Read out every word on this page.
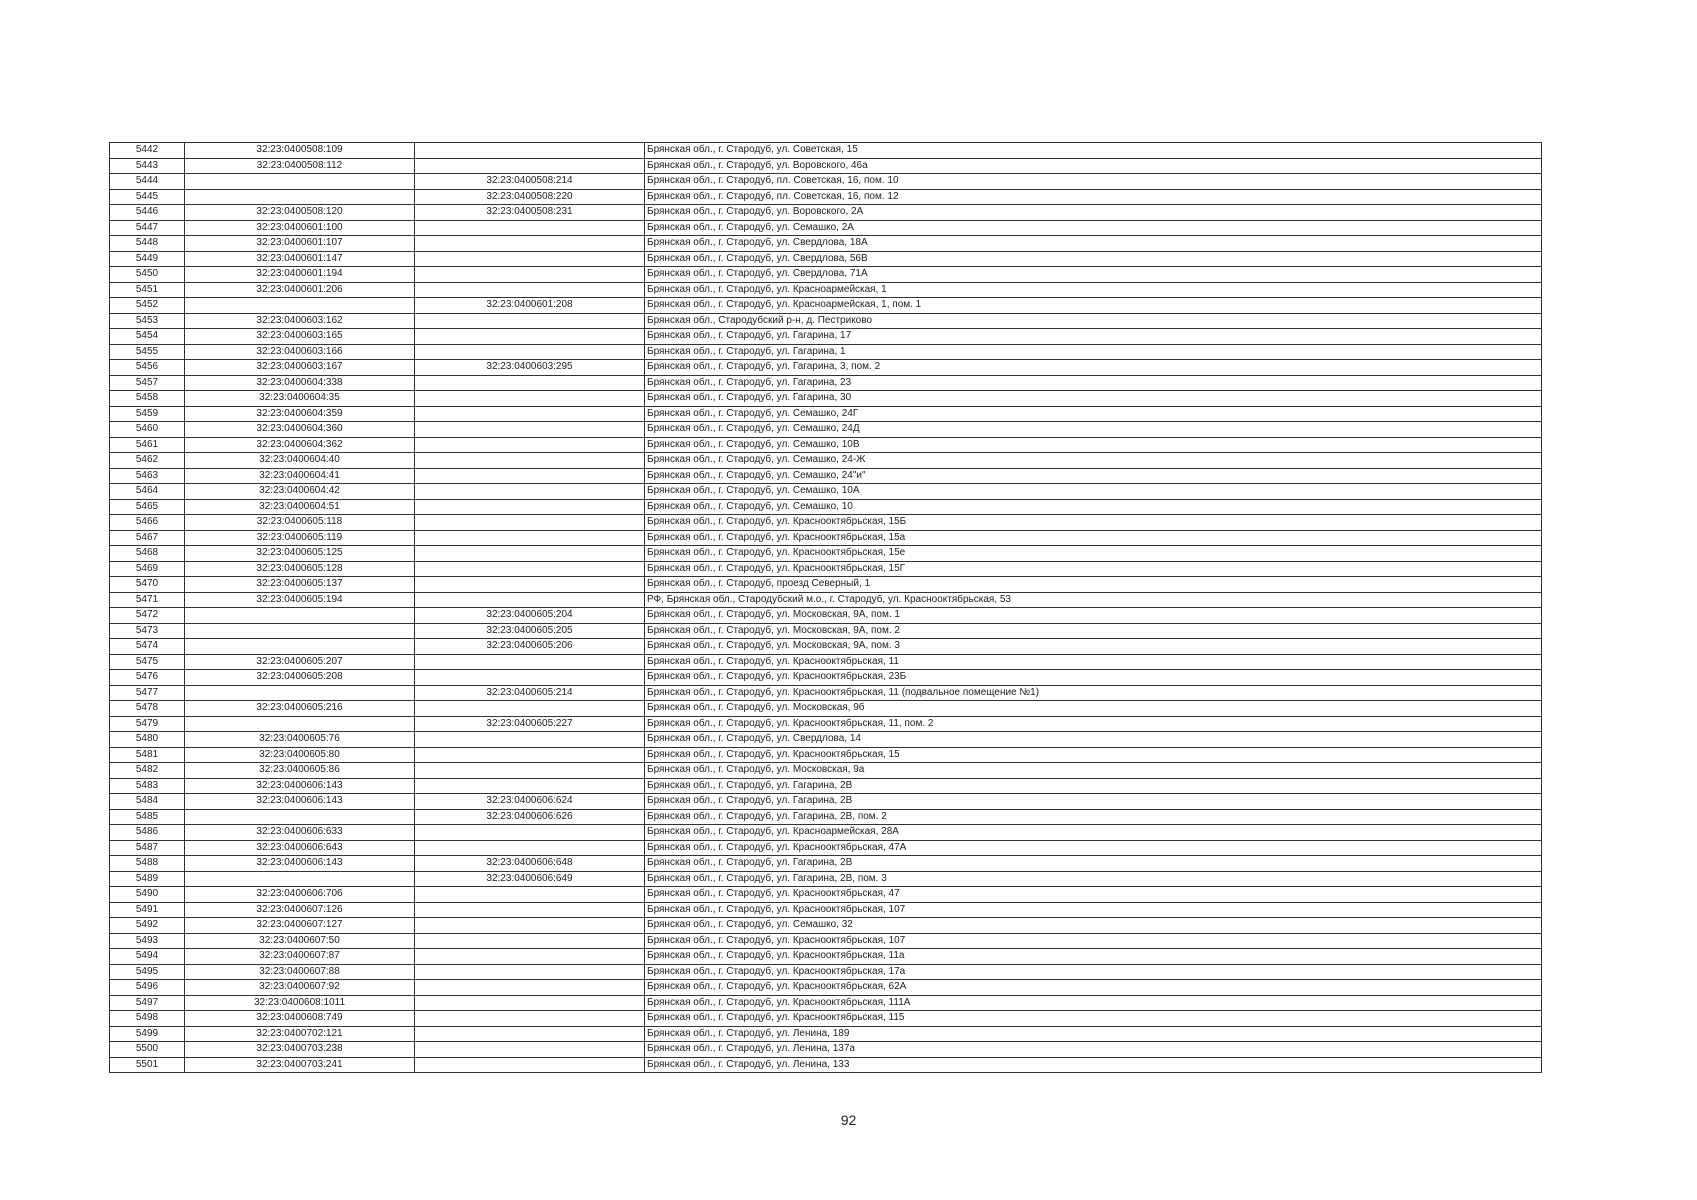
5442	32:23:0400508:109		Брянская обл., г. Стародуб, ул. Советская, 15
5443	32:23:0400508:112		Брянская обл., г. Стародуб, ул. Воровского, 46а
5444		32:23:0400508:214	Брянская обл., г. Стародуб, пл. Советская, 16, пом. 10
5445		32:23:0400508:220	Брянская обл., г. Стародуб, пл. Советская, 16, пом. 12
5446	32:23:0400508:120	32:23:0400508:231	Брянская обл., г. Стародуб, ул. Воровского, 2А
5447	32:23:0400601:100		Брянская обл., г. Стародуб, ул. Семашко, 2А
5448	32:23:0400601:107		Брянская обл., г. Стародуб, ул. Свердлова, 18А
5449	32:23:0400601:147		Брянская обл., г. Стародуб, ул. Свердлова, 56В
5450	32:23:0400601:194		Брянская обл., г. Стародуб, ул. Свердлова, 71А
5451	32:23:0400601:206		Брянская обл., г. Стародуб, ул. Красноармейская, 1
5452		32:23:0400601:208	Брянская обл., г. Стародуб, ул. Красноармейская, 1, пом. 1
5453	32:23:0400603:162		Брянская обл., Стародубский р-н, д. Пестриково
5454	32:23:0400603:165		Брянская обл., г. Стародуб, ул. Гагарина, 17
5455	32:23:0400603:166		Брянская обл., г. Стародуб, ул. Гагарина, 1
5456	32:23:0400603:167	32:23:0400603:295	Брянская обл., г. Стародуб, ул. Гагарина, 3, пом. 2
5457	32:23:0400604:338		Брянская обл., г. Стародуб, ул. Гагарина, 23
5458	32:23:0400604:35		Брянская обл., г. Стародуб, ул. Гагарина, 30
5459	32:23:0400604:359		Брянская обл., г. Стародуб, ул. Семашко, 24Г
5460	32:23:0400604:360		Брянская обл., г. Стародуб, ул. Семашко, 24Д
5461	32:23:0400604:362		Брянская обл., г. Стародуб, ул. Семашко, 10В
5462	32:23:0400604:40		Брянская обл., г. Стародуб, ул. Семашко, 24-Ж
5463	32:23:0400604:41		Брянская обл., г. Стародуб, ул. Семашко, 24"и"
5464	32:23:0400604:42		Брянская обл., г. Стародуб, ул. Семашко, 10А
5465	32:23:0400604:51		Брянская обл., г. Стародуб, ул. Семашко, 10
5466	32:23:0400605:118		Брянская обл., г. Стародуб, ул. Краснооктябрьская, 15Б
5467	32:23:0400605:119		Брянская обл., г. Стародуб, ул. Краснооктябрьская, 15а
5468	32:23:0400605:125		Брянская обл., г. Стародуб, ул. Краснооктябрьская, 15е
5469	32:23:0400605:128		Брянская обл., г. Стародуб, ул. Краснооктябрьская, 15Г
5470	32:23:0400605:137		Брянская обл., г. Стародуб, проезд Северный, 1
5471	32:23:0400605:194		РФ, Брянская обл., Стародубский м.о., г. Стародуб, ул. Краснооктябрьская, 53
5472		32:23:0400605:204	Брянская обл., г. Стародуб, ул. Московская, 9А, пом. 1
5473		32:23:0400605:205	Брянская обл., г. Стародуб, ул. Московская, 9А, пом. 2
5474		32:23:0400605:206	Брянская обл., г. Стародуб, ул. Московская, 9А, пом. 3
5475	32:23:0400605:207		Брянская обл., г. Стародуб, ул. Краснооктябрьская, 11
5476	32:23:0400605:208		Брянская обл., г. Стародуб, ул. Краснооктябрьская, 23Б
5477		32:23:0400605:214	Брянская обл., г. Стародуб, ул. Краснооктябрьская, 11 (подвальное помещение №1)
5478	32:23:0400605:216		Брянская обл., г. Стародуб, ул. Московская, 9б
5479		32:23:0400605:227	Брянская обл., г. Стародуб, ул. Краснооктябрьская, 11, пом. 2
5480	32:23:0400605:76		Брянская обл., г. Стародуб, ул. Свердлова, 14
5481	32:23:0400605:80		Брянская обл., г. Стародуб, ул. Краснооктябрьская, 15
5482	32:23:0400605:86		Брянская обл., г. Стародуб, ул. Московская, 9а
5483	32:23:0400606:143		Брянская обл., г. Стародуб, ул. Гагарина, 2В
5484	32:23:0400606:143	32:23:0400606:624	Брянская обл., г. Стародуб, ул. Гагарина, 2В
5485		32:23:0400606:626	Брянская обл., г. Стародуб, ул. Гагарина, 2В, пом. 2
5486	32:23:0400606:633		Брянская обл., г. Стародуб, ул. Красноармейская, 28А
5487	32:23:0400606:643		Брянская обл., г. Стародуб, ул. Краснооктябрьская, 47А
5488	32:23:0400606:143	32:23:0400606:648	Брянская обл., г. Стародуб, ул. Гагарина, 2В
5489		32:23:0400606:649	Брянская обл., г. Стародуб, ул. Гагарина, 2В, пом. 3
5490	32:23:0400606:706		Брянская обл., г. Стародуб, ул. Краснооктябрьская, 47
5491	32:23:0400607:126		Брянская обл., г. Стародуб, ул. Краснооктябрьская, 107
5492	32:23:0400607:127		Брянская обл., г. Стародуб, ул. Семашко, 32
5493	32:23:0400607:50		Брянская обл., г. Стародуб, ул. Краснооктябрьская, 107
5494	32:23:0400607:87		Брянская обл., г. Стародуб, ул. Краснооктябрьская, 11а
5495	32:23:0400607:88		Брянская обл., г. Стародуб, ул. Краснооктябрьская, 17а
5496	32:23:0400607:92		Брянская обл., г. Стародуб, ул. Краснооктябрьская, 62А
5497	32:23:0400608:1011		Брянская обл., г. Стародуб, ул. Краснооктябрьская, 111А
5498	32:23:0400608:749		Брянская обл., г. Стародуб, ул. Краснооктябрьская, 115
5499	32:23:0400702:121		Брянская обл., г. Стародуб, ул. Ленина, 189
5500	32:23:0400703:238		Брянская обл., г. Стародуб, ул. Ленина, 137а
5501	32:23:0400703:241		Брянская обл., г. Стародуб, ул. Ленина, 133
92
